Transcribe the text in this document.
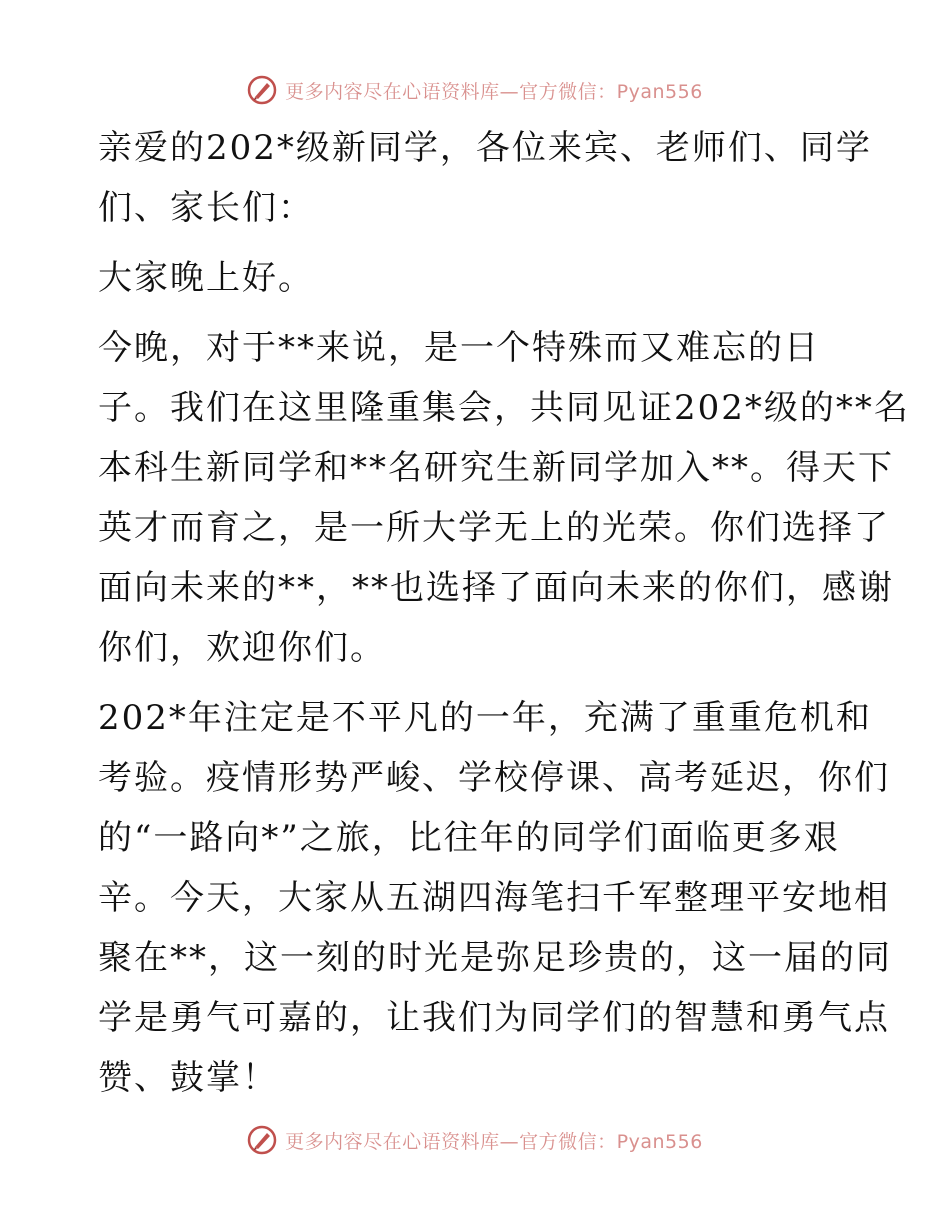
更多内容尽在心语资料库—官方微信：Pyan556
亲爱的202*级新同学，各位来宾、老师们、同学
们、家长们：
大家晚上好。
今晚，对于**来说，是一个特殊而又难忘的日
子。我们在这里隆重集会，共同见证202*级的**名
本科生新同学和**名研究生新同学加入**。得天下
英才而育之，是一所大学无上的光荣。你们选择了
面向未来的**，**也选择了面向未来的你们，感谢
你们，欢迎你们。
202*年注定是不平凡的一年，充满了重重危机和
考验。疫情形势严峻、学校停课、高考延迟，你们
的“一路向*”之旅，比往年的同学们面临更多艰
辛。今天，大家从五湖四海笔扫千军整理平安地相
聚在**，这一刻的时光是弥足珍贵的，这一届的同
学是勇气可嘉的，让我们为同学们的智慧和勇气点
赞、鼓掌！
更多内容尽在心语资料库—官方微信：Pyan556
